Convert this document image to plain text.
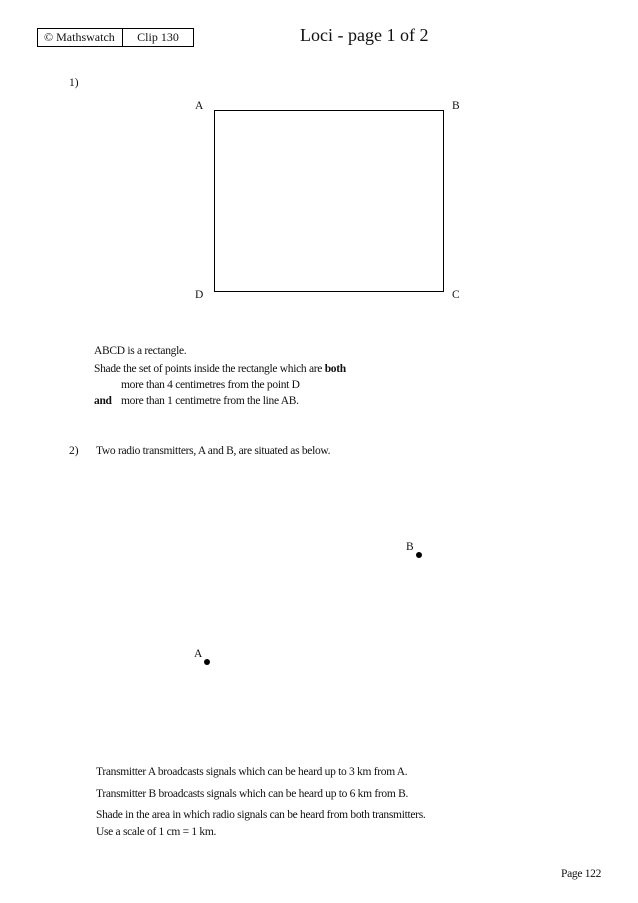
© Mathswatch	Clip 130	Loci - page 1 of 2
1)
A	B
D	C
ABCD is a rectangle.
Shade the set of points inside the rectangle which are both
more than 4 centimetres from the point D
and more than 1 centimetre from the line AB.
2) Two radio transmitters, A and B, are situated as below.
B
A
Transmitter A broadcasts signals which can be heard up to 3 km from A.
Transmitter B broadcasts signals which can be heard up to 6 km from B.
Shade in the area in which radio signals can be heard from both transmitters.
Use a scale of 1 cm = 1 km.
Page 122
